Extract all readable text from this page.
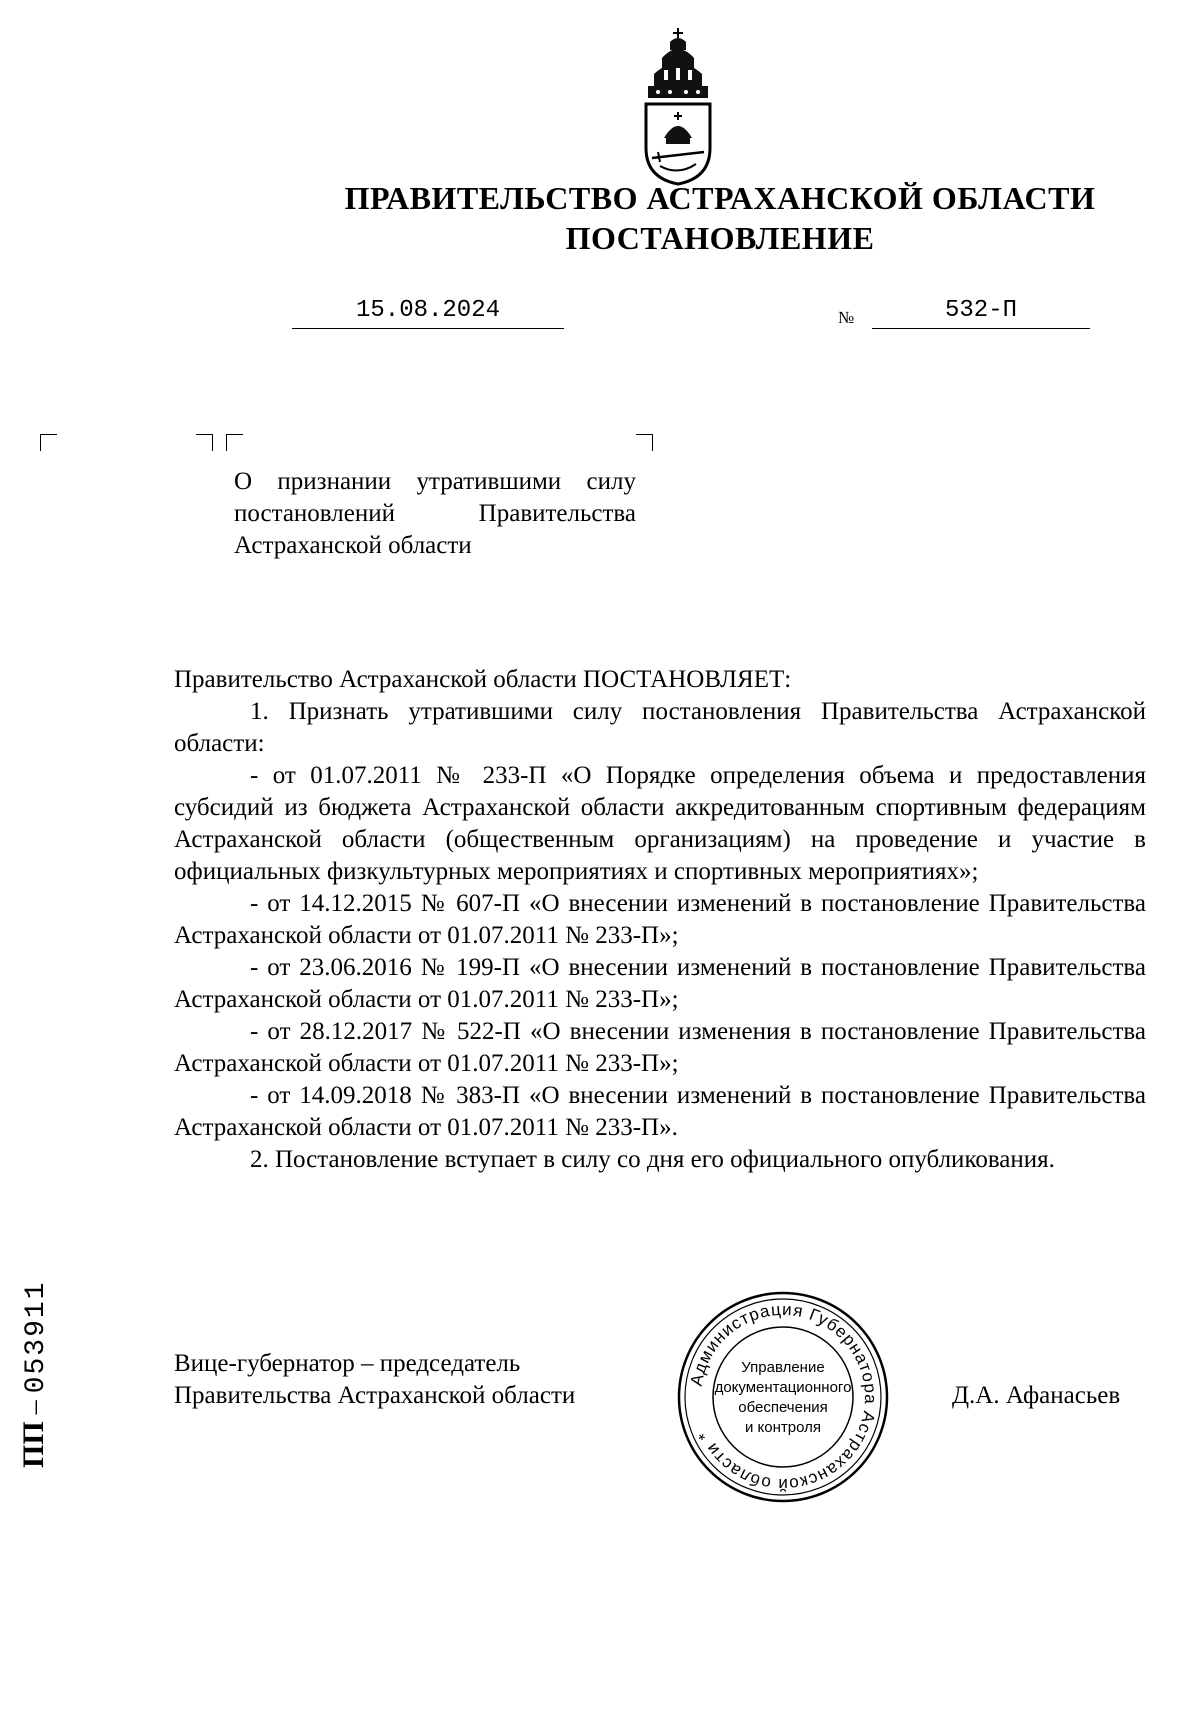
ПРАВИТЕЛЬСТВО АСТРАХАНСКОЙ ОБЛАСТИ
ПОСТАНОВЛЕНИЕ
15.08.2024	№	532-П
О признании утратившими силу постановлений Правительства Астраханской области

Правительство Астраханской области ПОСТАНОВЛЯЕТ:

1. Признать утратившими силу постановления Правительства Астраханской области:

- от 01.07.2011 № 233-П «О Порядке определения объема и предоставления субсидий из бюджета Астраханской области аккредитованным спортивным федерациям Астраханской области (общественным организациям) на проведение и участие в официальных физкультурных мероприятиях и спортивных мероприятиях»;

- от 14.12.2015 № 607-П «О внесении изменений в постановление Правительства Астраханской области от 01.07.2011 № 233-П»;

- от 23.06.2016 № 199-П «О внесении изменений в постановление Правительства Астраханской области от 01.07.2011 № 233-П»;

- от 28.12.2017 № 522-П «О внесении изменения в постановление Правительства Астраханской области от 01.07.2011 № 233-П»;

- от 14.09.2018 № 383-П «О внесении изменений в постановление Правительства Астраханской области от 01.07.2011 № 233-П».

2. Постановление вступает в силу со дня его официального опубликования.

Вице-губернатор – председатель
Правительства Астраханской области	Д.А. Афанасьев
Администрация Губернатора Астраханской области *
Управление
документационного
обеспечения
и контроля
ПП – 053911
